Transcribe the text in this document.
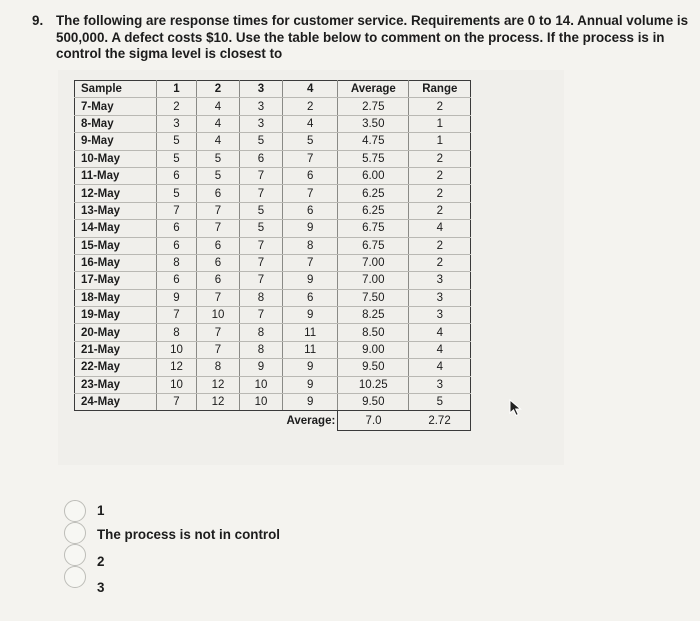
9. The following are response times for customer service. Requirements are 0 to 14. Annual volume is 500,000. A defect costs $10. Use the table below to comment on the process. If the process is in control the sigma level is closest to
Sample	1	2	3	4	Average	Range
7-May	2	4	3	2	2.75	2
8-May	3	4	3	4	3.50	1
9-May	5	4	5	5	4.75	1
10-May	5	5	6	7	5.75	2
11-May	6	5	7	6	6.00	2
12-May	5	6	7	7	6.25	2
13-May	7	7	5	6	6.25	2
14-May	6	7	5	9	6.75	4
15-May	6	6	7	8	6.75	2
16-May	8	6	7	7	7.00	2
17-May	6	6	7	9	7.00	3
18-May	9	7	8	6	7.50	3
19-May	7	10	7	9	8.25	3
20-May	8	7	8	11	8.50	4
21-May	10	7	8	11	9.00	4
22-May	12	8	9	9	9.50	4
23-May	10	12	10	9	10.25	3
24-May	7	12	10	9	9.50	5
				Average:	7.0	2.72
1
The process is not in control
2
3
